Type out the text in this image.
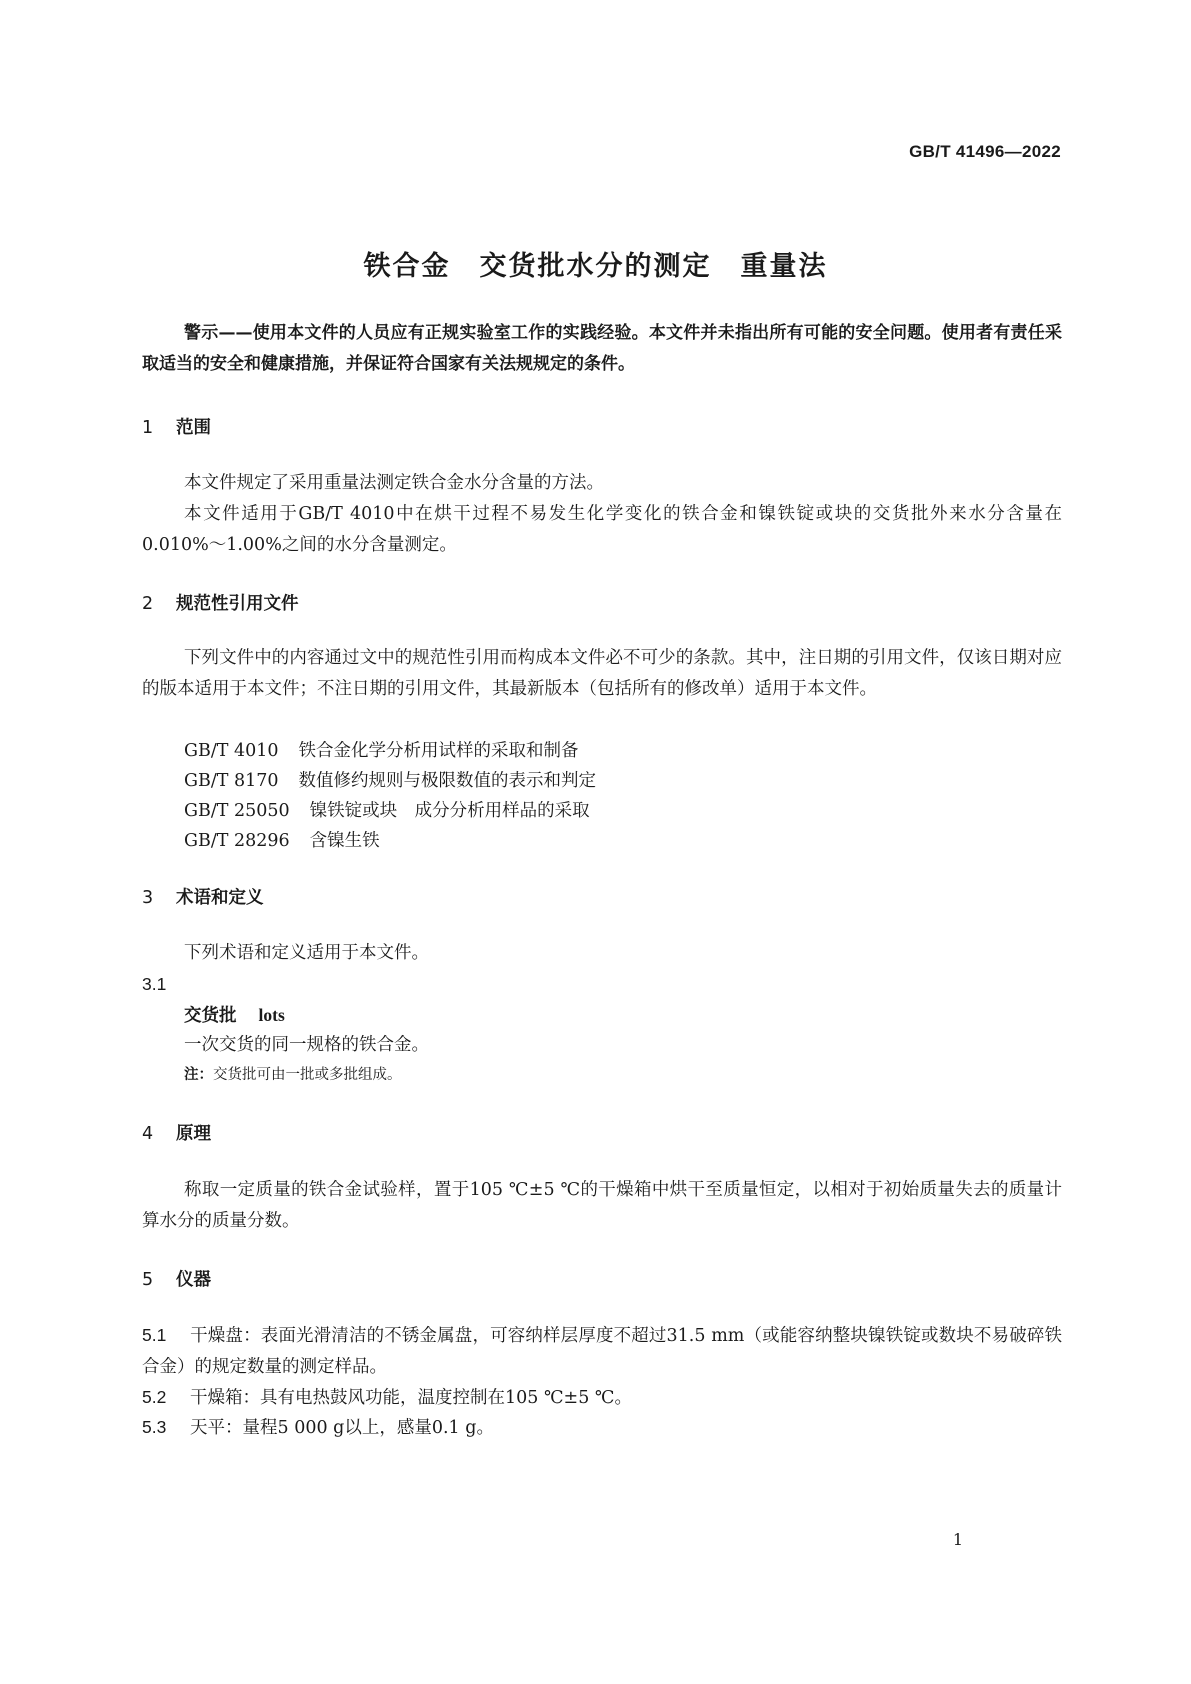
GB/T 41496—2022
铁合金　交货批水分的测定　重量法
警示——使用本文件的人员应有正规实验室工作的实践经验。本文件并未指出所有可能的安全问题。使用者有责任采取适当的安全和健康措施，并保证符合国家有关法规规定的条件。
1 范围
本文件规定了采用重量法测定铁合金水分含量的方法。
本文件适用于GB/T 4010中在烘干过程不易发生化学变化的铁合金和镍铁锭或块的交货批外来水分含量在0.010%～1.00%之间的水分含量测定。
2 规范性引用文件
下列文件中的内容通过文中的规范性引用而构成本文件必不可少的条款。其中，注日期的引用文件，仅该日期对应的版本适用于本文件；不注日期的引用文件，其最新版本（包括所有的修改单）适用于本文件。
GB/T 4010 铁合金化学分析用试样的采取和制备
GB/T 8170 数值修约规则与极限数值的表示和判定
GB/T 25050 镍铁锭或块　成分分析用样品的采取
GB/T 28296 含镍生铁
3 术语和定义
下列术语和定义适用于本文件。
3.1
交货批 lots
一次交货的同一规格的铁合金。
注：交货批可由一批或多批组成。
4 原理
称取一定质量的铁合金试验样，置于105 ℃±5 ℃的干燥箱中烘干至质量恒定，以相对于初始质量失去的质量计算水分的质量分数。
5 仪器
5.1 干燥盘：表面光滑清洁的不锈金属盘，可容纳样层厚度不超过31.5 mm（或能容纳整块镍铁锭或数块不易破碎铁合金）的规定数量的测定样品。
5.2 干燥箱：具有电热鼓风功能，温度控制在105 ℃±5 ℃。
5.3 天平：量程5 000 g以上，感量0.1 g。
1
